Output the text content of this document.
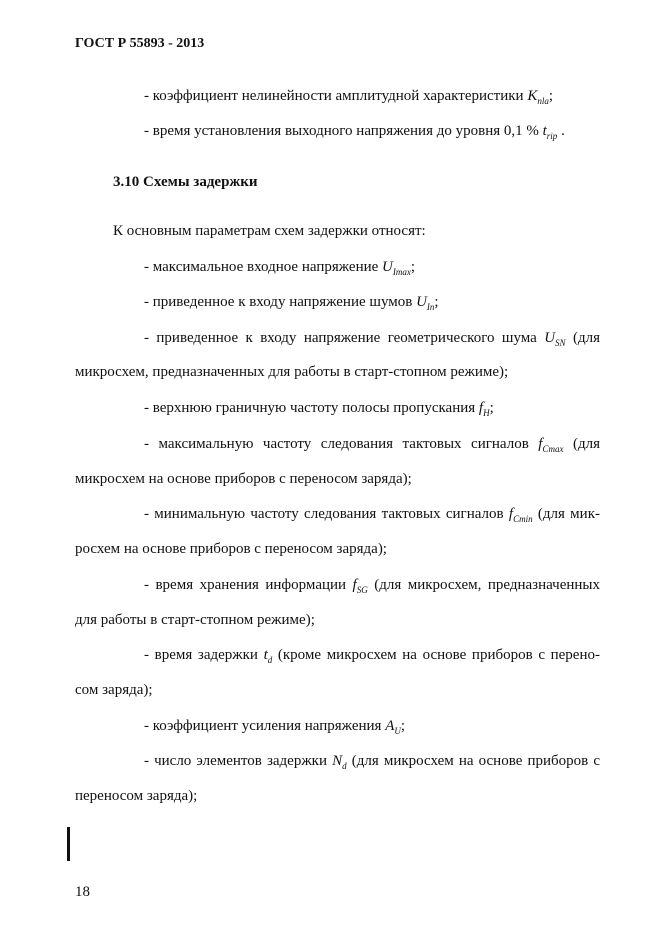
ГОСТ Р 55893 - 2013
- коэффициент нелинейности амплитудной характеристики $K_{nla}$;
- время установления выходного напряжения до уровня 0,1 % $t_{rip}$ .
3.10 Схемы задержки
К основным параметрам схем задержки относят:
- максимальное входное напряжение $U_{Imax}$;
- приведенное к входу напряжение шумов $U_{In}$;
- приведенное к входу напряжение геометрического шума $U_{SN}$ (для
микросхем, предназначенных для работы в старт-стопном режиме);
- верхнюю граничную частоту полосы пропускания $f_H$;
- максимальную частоту следования тактовых сигналов $f_{Cmax}$ (для
микросхем на основе приборов с переносом заряда);
- минимальную частоту следования тактовых сигналов $f_{Cmin}$ (для мик-
росхем на основе приборов с переносом заряда);
- время хранения информации $f_{SG}$ (для микросхем, предназначенных
для работы в старт-стопном режиме);
- время задержки $t_d$ (кроме микросхем на основе приборов с перено-
сом заряда);
- коэффициент усиления напряжения $A_U$;
- число элементов задержки $N_d$ (для микросхем на основе приборов с
переносом заряда);
18
